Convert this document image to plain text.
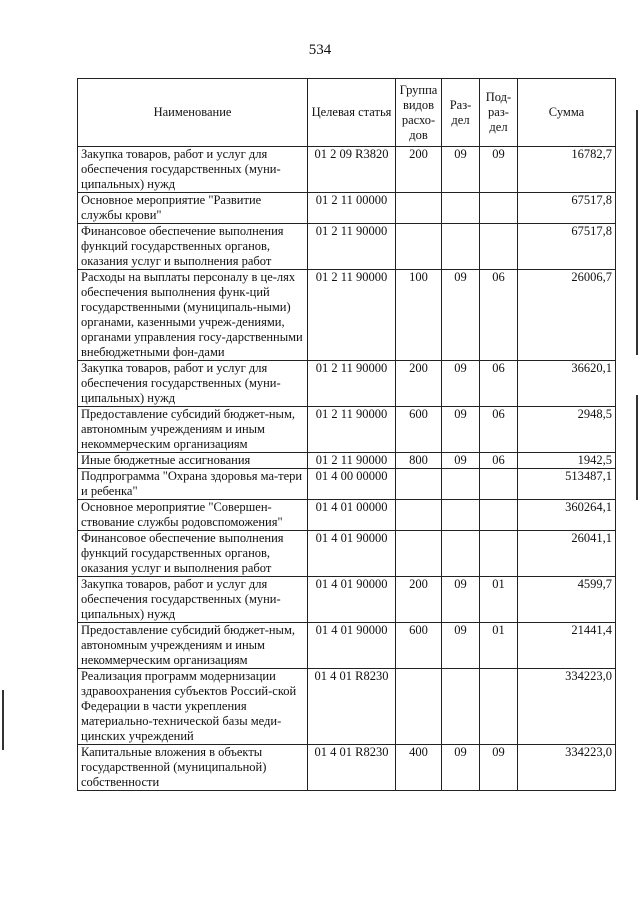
534
Наименование	Целевая статья	Группа видов расхо-дов	Раз-дел	Под-раз-дел	Сумма
Закупка товаров, работ и услуг для обеспечения государственных (муни-ципальных) нужд	01 2 09 R3820	200	09	09	16782,7
Основное мероприятие "Развитие службы крови"	01 2 11 00000				67517,8
Финансовое обеспечение выполнения функций государственных органов, оказания услуг и выполнения работ	01 2 11 90000				67517,8
Расходы на выплаты персоналу в це-лях обеспечения выполнения функ-ций государственными (муниципаль-ными) органами, казенными учреж-дениями, органами управления госу-дарственными внебюджетными фон-дами	01 2 11 90000	100	09	06	26006,7
Закупка товаров, работ и услуг для обеспечения государственных (муни-ципальных) нужд	01 2 11 90000	200	09	06	36620,1
Предоставление субсидий бюджет-ным, автономным учреждениям и иным некоммерческим организациям	01 2 11 90000	600	09	06	2948,5
Иные бюджетные ассигнования	01 2 11 90000	800	09	06	1942,5
Подпрограмма "Охрана здоровья ма-тери и ребенка"	01 4 00 00000				513487,1
Основное мероприятие "Совершен-ствование службы родовспоможения"	01 4 01 00000				360264,1
Финансовое обеспечение выполнения функций государственных органов, оказания услуг и выполнения работ	01 4 01 90000				26041,1
Закупка товаров, работ и услуг для обеспечения государственных (муни-ципальных) нужд	01 4 01 90000	200	09	01	4599,7
Предоставление субсидий бюджет-ным, автономным учреждениям и иным некоммерческим организациям	01 4 01 90000	600	09	01	21441,4
Реализация программ модернизации здравоохранения субъектов Россий-ской Федерации в части укрепления материально-технической базы меди-цинских учреждений	01 4 01 R8230				334223,0
Капитальные вложения в объекты государственной (муниципальной) собственности	01 4 01 R8230	400	09	09	334223,0
